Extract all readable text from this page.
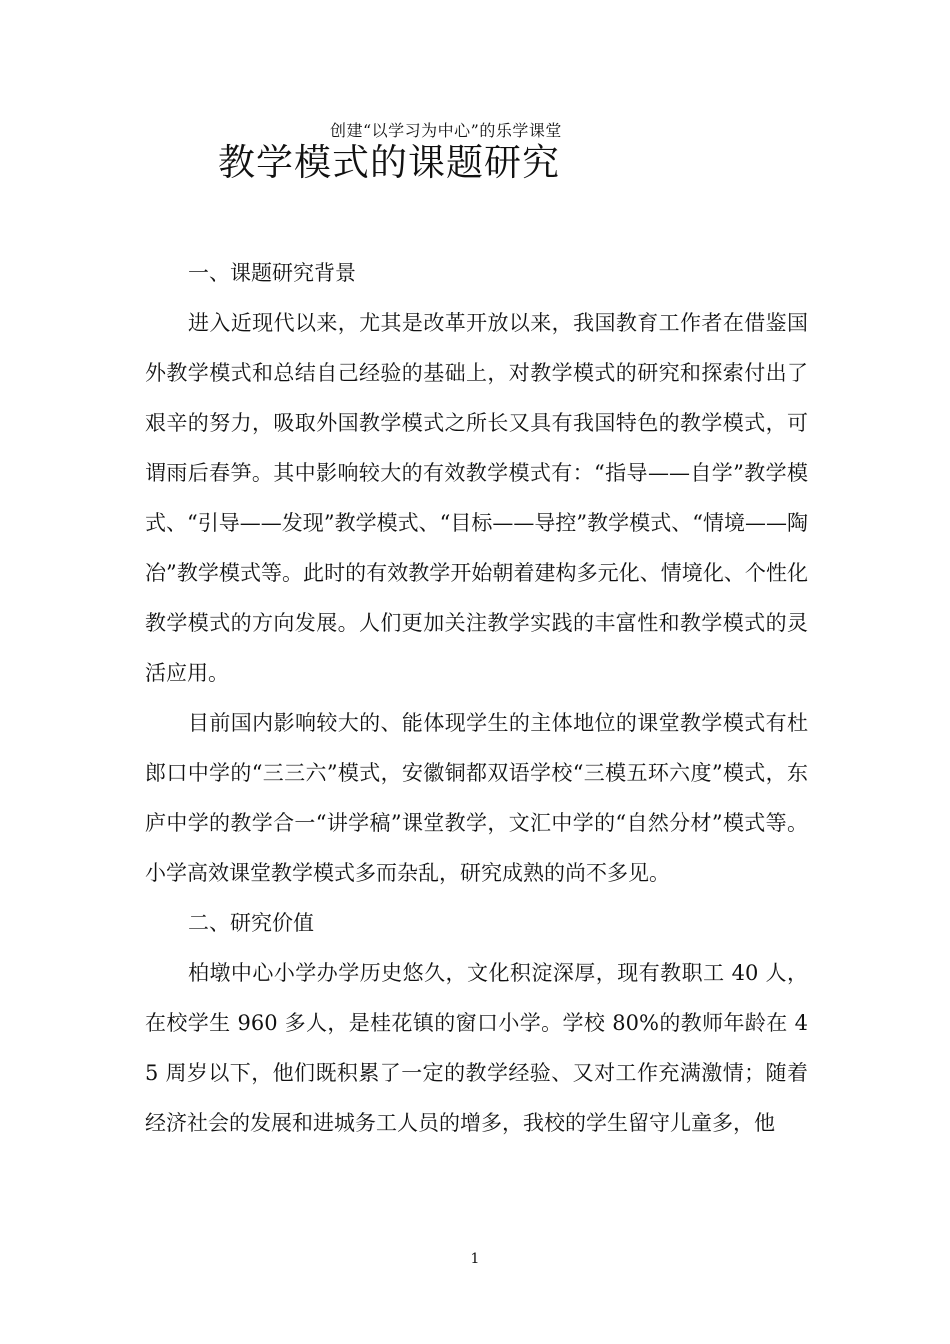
创建“以学习为中心”的乐学课堂
教学模式的课题研究

一、课题研究背景

进入近现代以来，尤其是改革开放以来，我国教育工作者在借鉴国外教学模式和总结自己经验的基础上，对教学模式的研究和探索付出了艰辛的努力，吸取外国教学模式之所长又具有我国特色的教学模式，可谓雨后春笋。其中影响较大的有效教学模式有：“指导——自学”教学模式、“引导——发现”教学模式、“目标——导控”教学模式、“情境——陶冶”教学模式等。此时的有效教学开始朝着建构多元化、情境化、个性化教学模式的方向发展。人们更加关注教学实践的丰富性和教学模式的灵活应用。

目前国内影响较大的、能体现学生的主体地位的课堂教学模式有杜郎口中学的“三三六”模式，安徽铜都双语学校“三模五环六度”模式，东庐中学的教学合一“讲学稿”课堂教学，文汇中学的“自然分材”模式等。小学高效课堂教学模式多而杂乱，研究成熟的尚不多见。

二、研究价值

柏墩中心小学办学历史悠久，文化积淀深厚，现有教职工 40 人，在校学生 960 多人，是桂花镇的窗口小学。学校 80%的教师年龄在 45 周岁以下，他们既积累了一定的教学经验、又对工作充满激情；随着经济社会的发展和进城务工人员的增多，我校的学生留守儿童多，他

1
